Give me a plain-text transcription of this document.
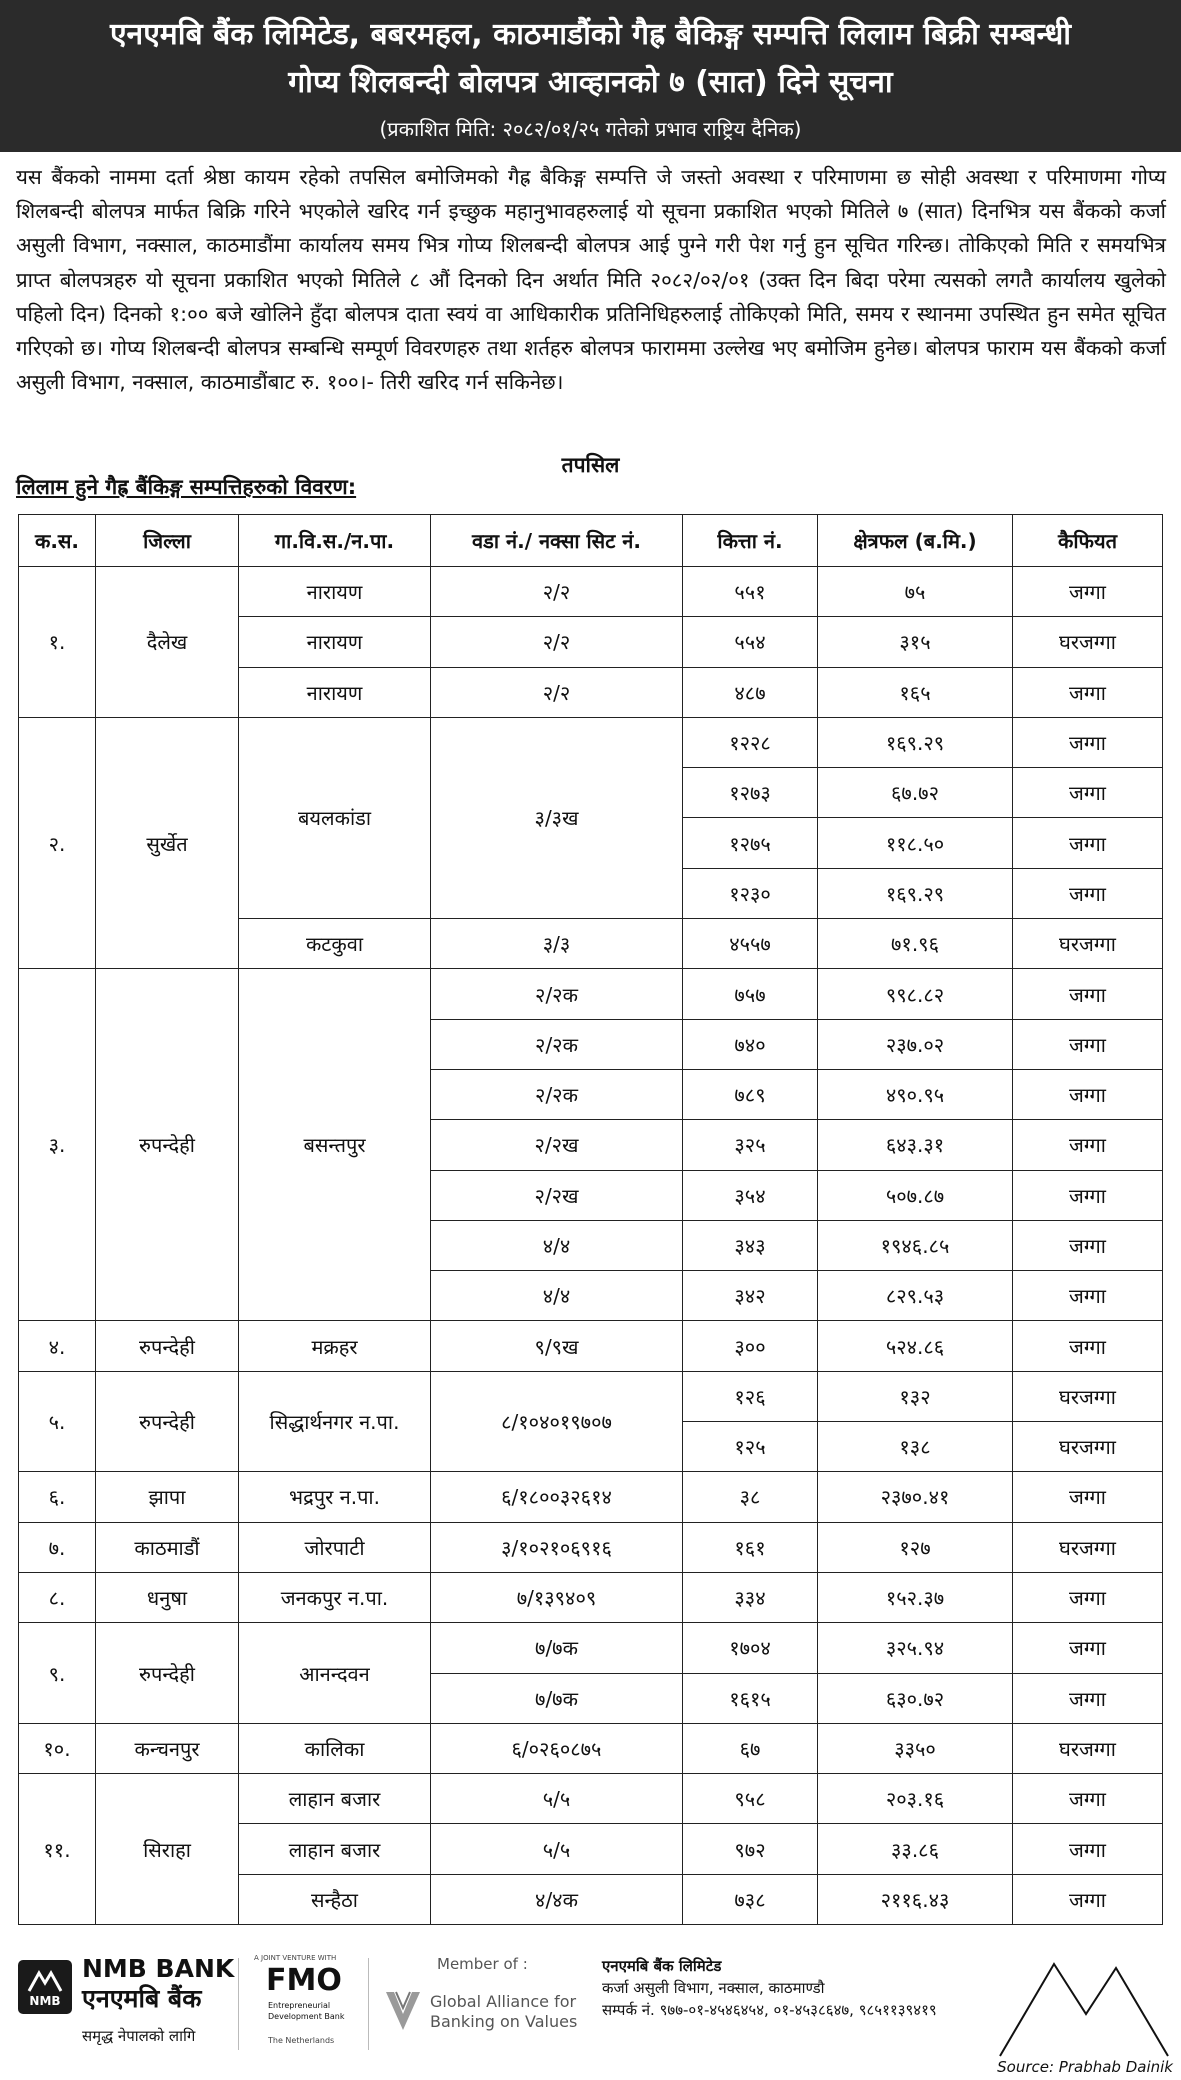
एनएमबि बैंक लिमिटेड, बबरमहल, काठमाडौंको गैह्र बैकिङ्ग सम्पत्ति लिलाम बिक्री सम्बन्धी
गोप्य शिलबन्दी बोलपत्र आव्हानको ७ (सात) दिने सूचना
(प्रकाशित मिति: २०८२/०१/२५ गतेको प्रभाव राष्ट्रिय दैनिक)

यस बैंकको नाममा दर्ता श्रेष्ठा कायम रहेको तपसिल बमोजिमको गैह्र बैकिङ्ग सम्पत्ति जे जस्तो अवस्था र परिमाणमा छ सोही अवस्था र परिमाणमा गोप्य शिलबन्दी बोलपत्र मार्फत बिक्रि गरिने भएकोले खरिद गर्न इच्छुक महानुभावहरुलाई यो सूचना प्रकाशित भएको मितिले ७ (सात) दिनभित्र यस बैंकको कर्जा असुली विभाग, नक्साल, काठमाडौंमा कार्यालय समय भित्र गोप्य शिलबन्दी बोलपत्र आई पुग्ने गरी पेश गर्नु हुन सूचित गरिन्छ। तोकिएको मिति र समयभित्र प्राप्त बोलपत्रहरु यो सूचना प्रकाशित भएको मितिले ८ औं दिनको दिन अर्थात मिति २०८२/०२/०१ (उक्त दिन बिदा परेमा त्यसको लगतै कार्यालय खुलेको पहिलो दिन) दिनको १:०० बजे खोलिने हुँदा बोलपत्र दाता स्वयं वा आधिकारीक प्रतिनिधिहरुलाई तोकिएको मिति, समय र स्थानमा उपस्थित हुन समेत सूचित गरिएको छ। गोप्य शिलबन्दी बोलपत्र सम्बन्धि सम्पूर्ण विवरणहरु तथा शर्तहरु बोलपत्र फाराममा उल्लेख भए बमोजिम हुनेछ। बोलपत्र फाराम यस बैंकको कर्जा असुली विभाग, नक्साल, काठमाडौंबाट रु. १००।- तिरी खरिद गर्न सकिनेछ।

तपसिल
लिलाम हुने गैह्र बैंकिङ्ग सम्पत्तिहरुको विवरण:
क.स.	जिल्ला	गा.वि.स./न.पा.	वडा नं./ नक्सा सिट नं.	कित्ता नं.	क्षेत्रफल (ब.मि.)	कैफियत
१.	दैलेख	नारायण	२/२	५५१	७५	जग्गा
		नारायण	२/२	५५४	३१५	घरजग्गा
		नारायण	२/२	४८७	१६५	जग्गा
२.	सुर्खेत	बयलकांडा	३/३ख	१२२८	१६९.२९	जग्गा
				१२७३	६७.७२	जग्गा
				१२७५	११८.५०	जग्गा
				१२३०	१६९.२९	जग्गा
		कटकुवा	३/३	४५५७	७१.९६	घरजग्गा
३.	रुपन्देही	बसन्तपुर	२/२क	७५७	९९८.८२	जग्गा
			२/२क	७४०	२३७.०२	जग्गा
			२/२क	७८९	४९०.९५	जग्गा
			२/२ख	३२५	६४३.३१	जग्गा
			२/२ख	३५४	५०७.८७	जग्गा
			४/४	३४३	१९४६.८५	जग्गा
			४/४	३४२	८२९.५३	जग्गा
४.	रुपन्देही	मक्रहर	९/९ख	३००	५२४.८६	जग्गा
५.	रुपन्देही	सिद्धार्थनगर न.पा.	८/१०४०१९७०७	१२६	१३२	घरजग्गा
				१२५	१३८	घरजग्गा
६.	झापा	भद्रपुर न.पा.	६/१८००३२६१४	३८	२३७०.४१	जग्गा
७.	काठमाडौं	जोरपाटी	३/१०२१०६९१६	१६१	१२७	घरजग्गा
८.	धनुषा	जनकपुर न.पा.	७/१३९४०९	३३४	१५२.३७	जग्गा
९.	रुपन्देही	आनन्दवन	७/७क	१७०४	३२५.९४	जग्गा
			७/७क	१६१५	६३०.७२	जग्गा
१०.	कन्चनपुर	कालिका	६/०२६०८७५	६७	३३५०	घरजग्गा
११.	सिराहा	लाहान बजार	५/५	९५८	२०३.१६	जग्गा
		लाहान बजार	५/५	९७२	३३.८६	जग्गा
		सन्हैठा	४/४क	७३८	२११६.४३	जग्गा
NMB
NMB BANK
एनएमबि बैंक
समृद्ध नेपालको लागि
A JOINT VENTURE WITH
FMO
Entrepreneurial Development Bank
The Netherlands
Member of :
Global Alliance for
Banking on Values
एनएमबि बैंक लिमिटेड
कर्जा असुली विभाग, नक्साल, काठमाण्डौ
सम्पर्क नं. ९७७-०१-४५४६४५४, ०१-४५३८६४७, ९८५११३९४१९
Source: Prabhab Dainik
